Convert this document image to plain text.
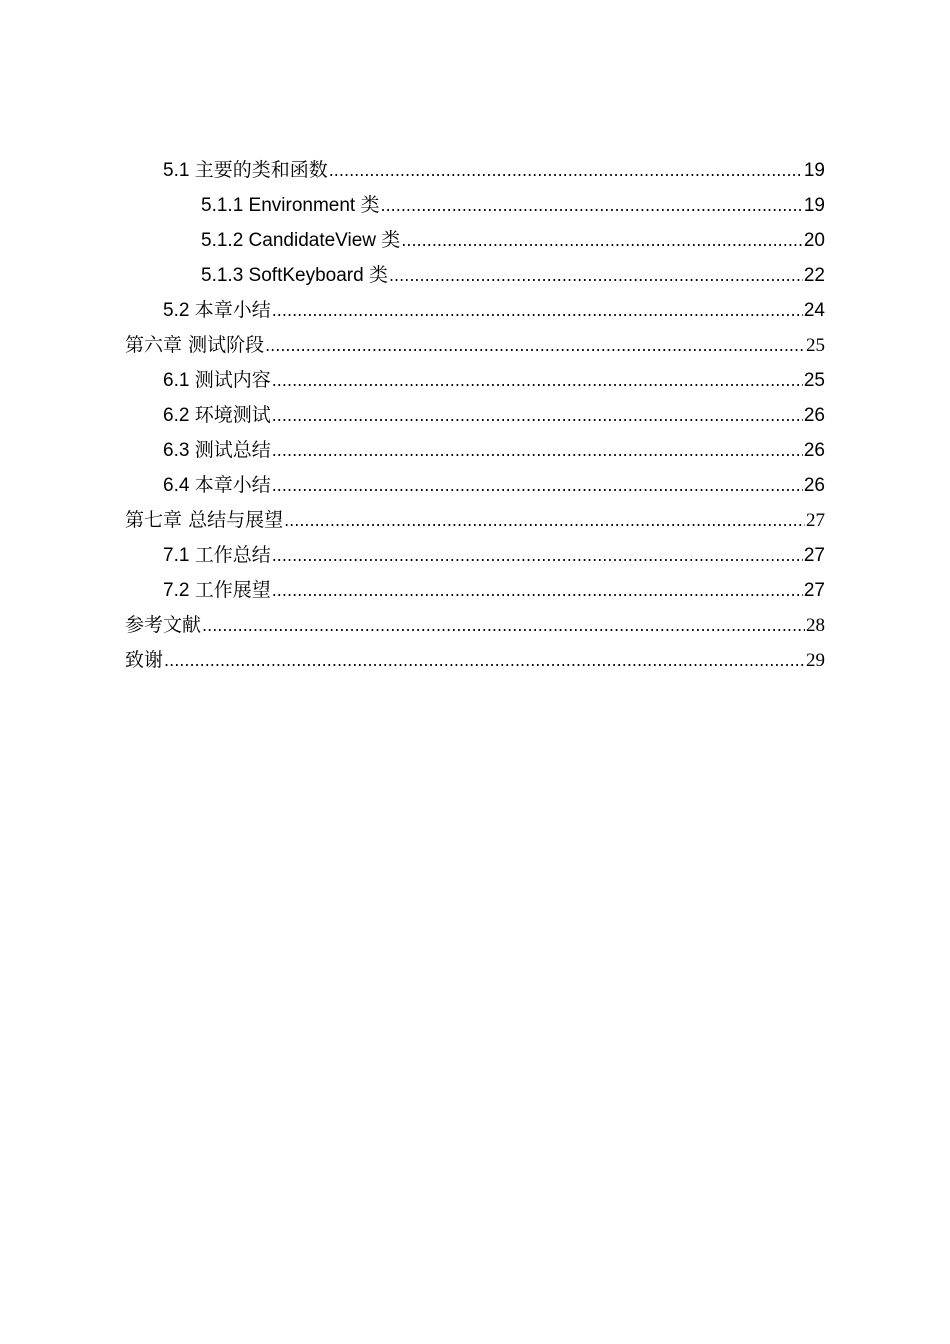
5.1 主要的类和函数 .....	19
5.1.1 Environment 类 .....	19
5.1.2 CandidateView 类 .....	20
5.1.3 SoftKeyboard 类 .....	22
5.2 本章小结 .....	24
第六章 测试阶段 .....	25
6.1 测试内容 .....	25
6.2 环境测试 .....	26
6.3 测试总结 .....	26
6.4 本章小结 .....	26
第七章 总结与展望 .....	27
7.1 工作总结 .....	27
7.2 工作展望 .....	27
参考文献 .....	28
致谢 .....	29
